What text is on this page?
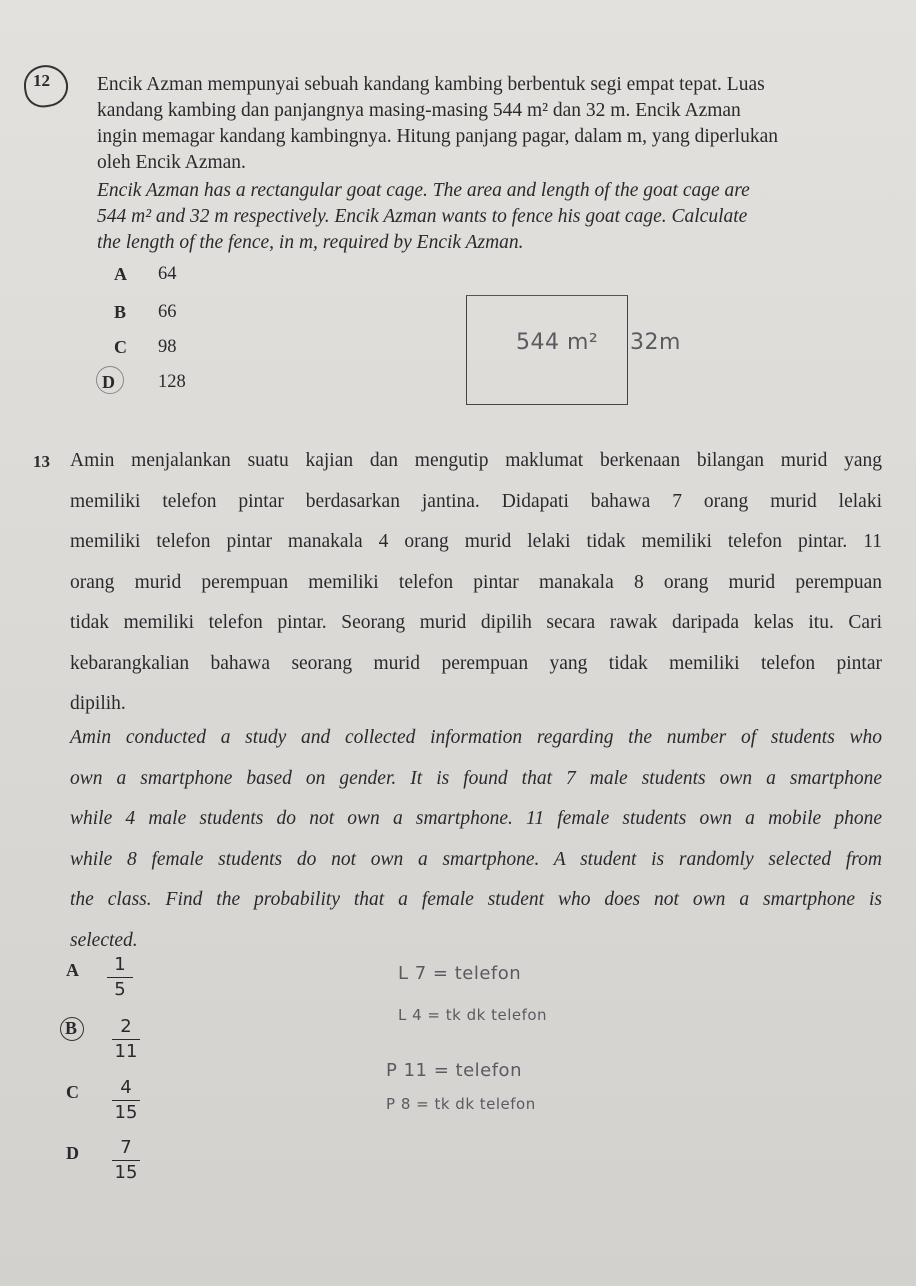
12 Encik Azman mempunyai sebuah kandang kambing berbentuk segi empat tepat. Luas
kandang kambing dan panjangnya masing-masing 544 m² dan 32 m. Encik Azman
ingin memagar kandang kambingnya. Hitung panjang pagar, dalam m, yang diperlukan
oleh Encik Azman.
Encik Azman has a rectangular goat cage. The area and length of the goat cage are
544 m² and 32 m respectively. Encik Azman wants to fence his goat cage. Calculate
the length of the fence, in m, required by Encik Azman.
A 64
B 66
C 98
D 128
544 m² 32m
13 Amin menjalankan suatu kajian dan mengutip maklumat berkenaan bilangan murid yang
memiliki telefon pintar berdasarkan jantina. Didapati bahawa 7 orang murid lelaki
memiliki telefon pintar manakala 4 orang murid lelaki tidak memiliki telefon pintar. 11
orang murid perempuan memiliki telefon pintar manakala 8 orang murid perempuan
tidak memiliki telefon pintar. Seorang murid dipilih secara rawak daripada kelas itu. Cari
kebarangkalian bahawa seorang murid perempuan yang tidak memiliki telefon pintar
dipilih.
Amin conducted a study and collected information regarding the number of students who
own a smartphone based on gender. It is found that 7 male students own a smartphone
while 4 male students do not own a smartphone. 11 female students own a mobile phone
while 8 female students do not own a smartphone. A student is randomly selected from
the class. Find the probability that a female student who does not own a smartphone is
selected.
A	1
5
B	2
11
C	4
15
D	7
15
L 7 = telefon
L 4 = tk dk telefon
P 11 = telefon
P 8 = tk dk telefon
